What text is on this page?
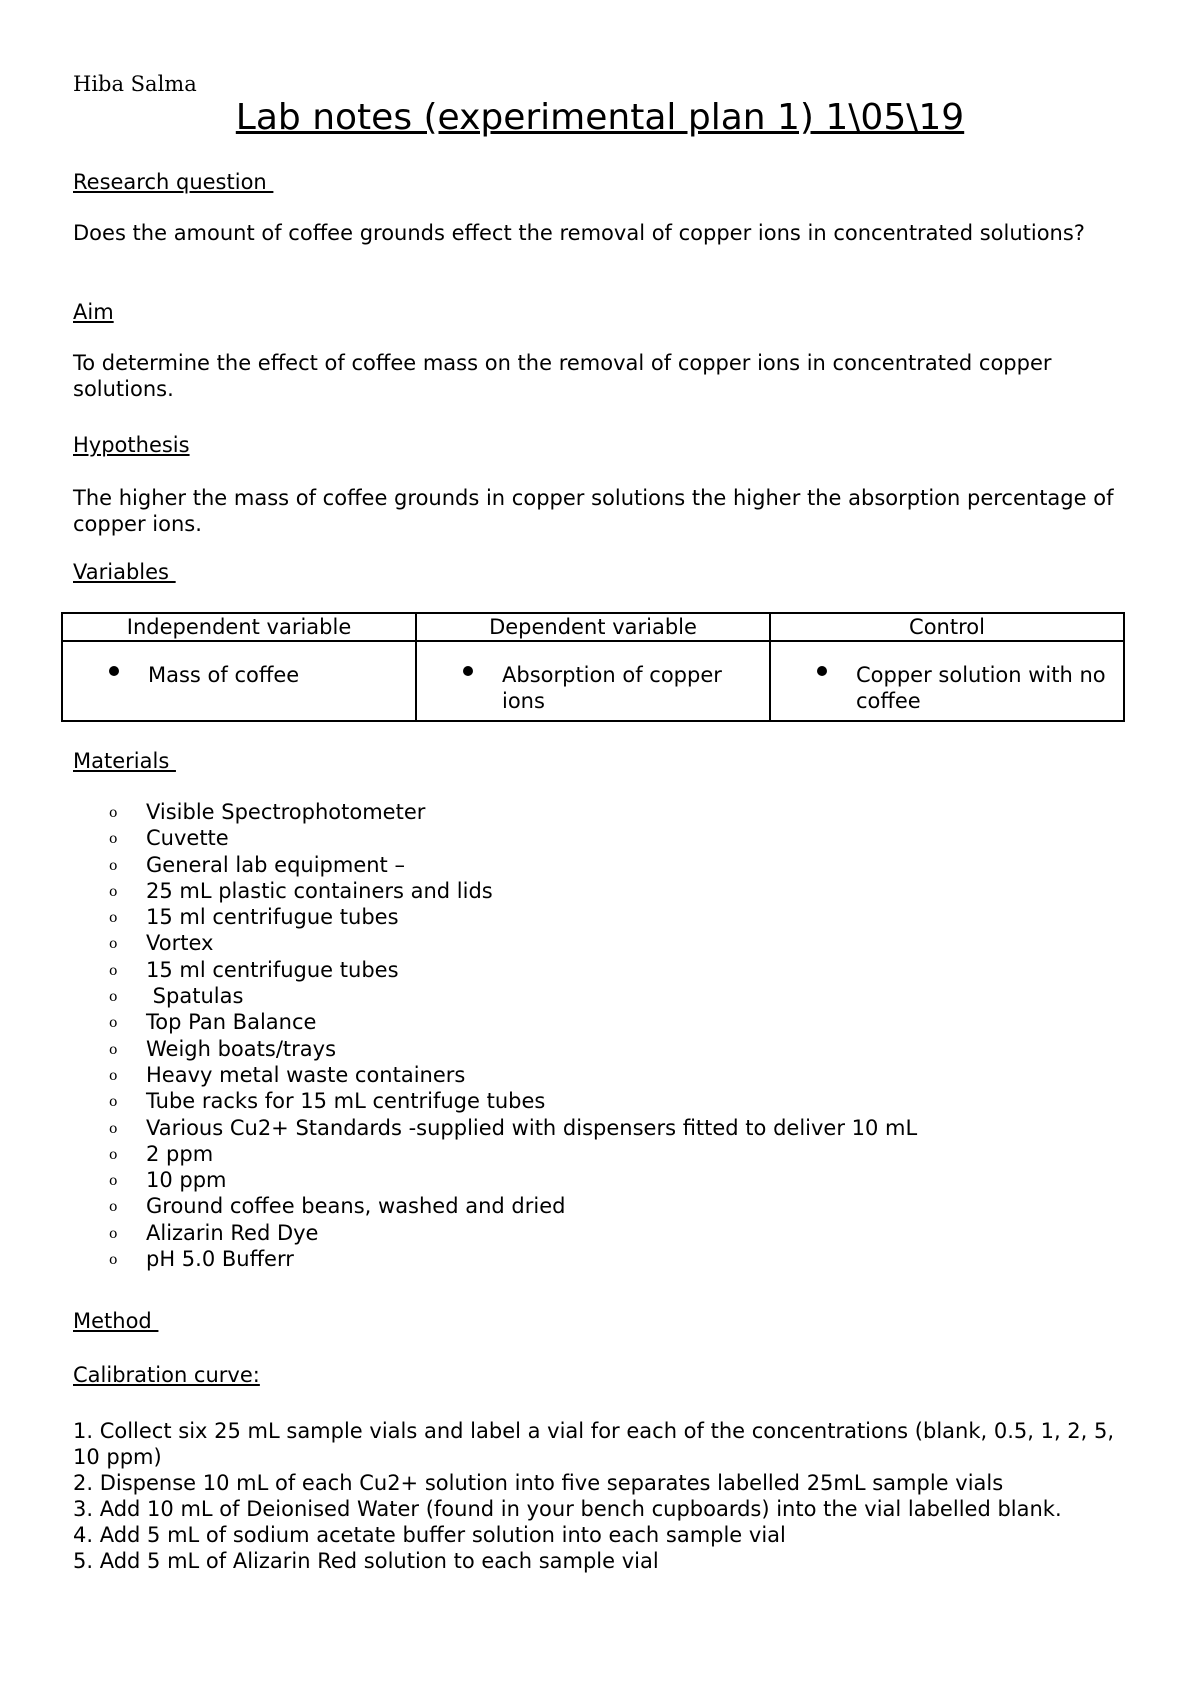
Hiba Salma
Lab notes (experimental plan 1) 1\05\19
Research question
Does the amount of coffee grounds effect the removal of copper ions in concentrated solutions?
Aim
To determine the effect of coffee mass on the removal of copper ions in concentrated copper solutions.
Hypothesis
The higher the mass of coffee grounds in copper solutions the higher the absorption percentage of copper ions.
Variables
Independent variable	Dependent variable	Control

Mass of coffee	Absorption of copper ions	Copper solution with no coffee
Materials
o Visible Spectrophotometer
o Cuvette
o General lab equipment –
o 25 mL plastic containers and lids
o 15 ml centrifugue tubes
o Vortex
o 15 ml centrifugue tubes
o Spatulas
o Top Pan Balance
o Weigh boats/trays
o Heavy metal waste containers
o Tube racks for 15 mL centrifuge tubes
o Various Cu2+ Standards -supplied with dispensers fitted to deliver 10 mL
o 2 ppm
o 10 ppm
o Ground coffee beans, washed and dried
o Alizarin Red Dye
o pH 5.0 Bufferr
Method
Calibration curve:
1. Collect six 25 mL sample vials and label a vial for each of the concentrations (blank, 0.5, 1, 2, 5,
10 ppm)
2. Dispense 10 mL of each Cu2+ solution into five separates labelled 25mL sample vials
3. Add 10 mL of Deionised Water (found in your bench cupboards) into the vial labelled blank.
4. Add 5 mL of sodium acetate buffer solution into each sample vial
5. Add 5 mL of Alizarin Red solution to each sample vial
